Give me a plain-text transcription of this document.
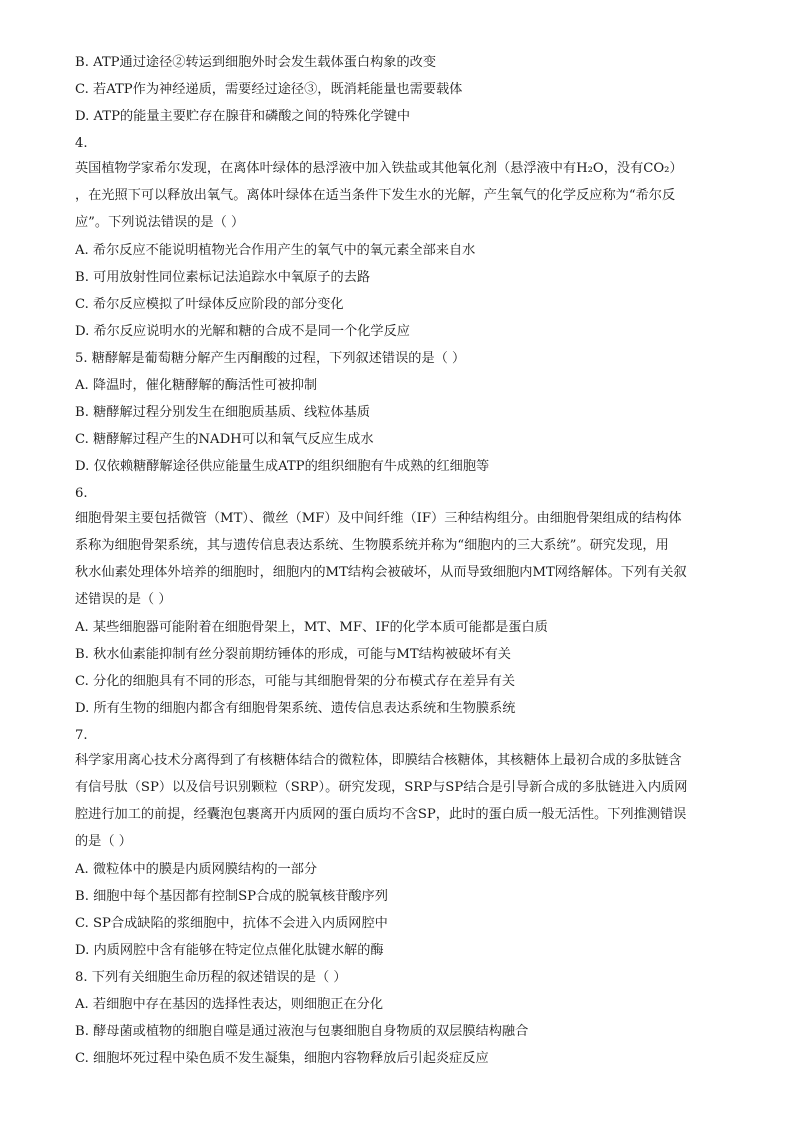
B. ATP通过途径②转运到细胞外时会发生载体蛋白构象的改变
C. 若ATP作为神经递质，需要经过途径③，既消耗能量也需要载体
D. ATP的能量主要贮存在腺苷和磷酸之间的特殊化学键中
4.
英国植物学家希尔发现，在离体叶绿体的悬浮液中加入铁盐或其他氧化剂（悬浮液中有H₂O，没有CO₂）
，在光照下可以释放出氧气。离体叶绿体在适当条件下发生水的光解，产生氧气的化学反应称为“希尔反
应”。下列说法错误的是（ ）
A. 希尔反应不能说明植物光合作用产生的氧气中的氧元素全部来自水
B. 可用放射性同位素标记法追踪水中氧原子的去路
C. 希尔反应模拟了叶绿体反应阶段的部分变化
D. 希尔反应说明水的光解和糖的合成不是同一个化学反应
5. 糖酵解是葡萄糖分解产生丙酮酸的过程，下列叙述错误的是（ ）
A. 降温时，催化糖酵解的酶活性可被抑制
B. 糖酵解过程分别发生在细胞质基质、线粒体基质
C. 糖酵解过程产生的NADH可以和氧气反应生成水
D. 仅依赖糖酵解途径供应能量生成ATP的组织细胞有牛成熟的红细胞等
6.
细胞骨架主要包括微管（MT）、微丝（MF）及中间纤维（IF）三种结构组分。由细胞骨架组成的结构体
系称为细胞骨架系统，其与遗传信息表达系统、生物膜系统并称为“细胞内的三大系统”。研究发现，用
秋水仙素处理体外培养的细胞时，细胞内的MT结构会被破坏，从而导致细胞内MT网络解体。下列有关叙
述错误的是（ ）
A. 某些细胞器可能附着在细胞骨架上，MT、MF、IF的化学本质可能都是蛋白质
B. 秋水仙素能抑制有丝分裂前期纺锤体的形成，可能与MT结构被破坏有关
C. 分化的细胞具有不同的形态，可能与其细胞骨架的分布模式存在差异有关
D. 所有生物的细胞内都含有细胞骨架系统、遗传信息表达系统和生物膜系统
7.
科学家用离心技术分离得到了有核糖体结合的微粒体，即膜结合核糖体，其核糖体上最初合成的多肽链含
有信号肽（SP）以及信号识别颗粒（SRP）。研究发现，SRP与SP结合是引导新合成的多肽链进入内质网
腔进行加工的前提，经囊泡包裹离开内质网的蛋白质均不含SP，此时的蛋白质一般无活性。下列推测错误
的是（ ）
A. 微粒体中的膜是内质网膜结构的一部分
B. 细胞中每个基因都有控制SP合成的脱氧核苷酸序列
C. SP合成缺陷的浆细胞中，抗体不会进入内质网腔中
D. 内质网腔中含有能够在特定位点催化肽键水解的酶
8. 下列有关细胞生命历程的叙述错误的是（ ）
A. 若细胞中存在基因的选择性表达，则细胞正在分化
B. 酵母菌或植物的细胞自噬是通过液泡与包裹细胞自身物质的双层膜结构融合
C. 细胞坏死过程中染色质不发生凝集，细胞内容物释放后引起炎症反应
